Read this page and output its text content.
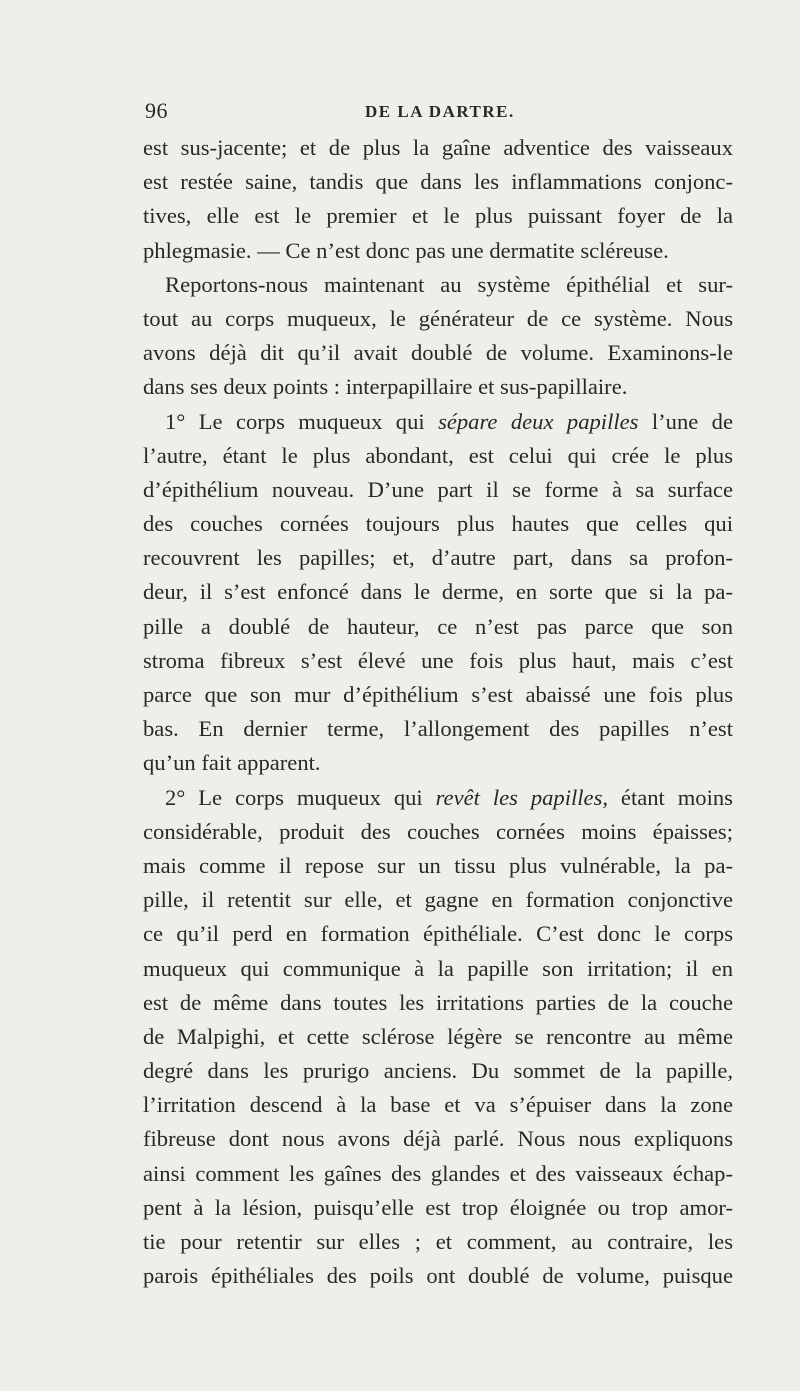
96	DE LA DARTRE.
est sus-jacente; et de plus la gaîne adventice des vaisseaux
est restée saine, tandis que dans les inflammations conjonc-
tives, elle est le premier et le plus puissant foyer de la
phlegmasie. — Ce n’est donc pas une dermatite scléreuse.
Reportons-nous maintenant au système épithélial et sur-
tout au corps muqueux, le générateur de ce système. Nous
avons déjà dit qu’il avait doublé de volume. Examinons-le
dans ses deux points : interpapillaire et sus-papillaire.
1° Le corps muqueux qui sépare deux papilles l’une de
l’autre, étant le plus abondant, est celui qui crée le plus
d’épithélium nouveau. D’une part il se forme à sa surface
des couches cornées toujours plus hautes que celles qui
recouvrent les papilles; et, d’autre part, dans sa profon-
deur, il s’est enfoncé dans le derme, en sorte que si la pa-
pille a doublé de hauteur, ce n’est pas parce que son
stroma fibreux s’est élevé une fois plus haut, mais c’est
parce que son mur d’épithélium s’est abaissé une fois plus
bas. En dernier terme, l’allongement des papilles n’est
qu’un fait apparent.
2° Le corps muqueux qui revêt les papilles, étant moins
considérable, produit des couches cornées moins épaisses;
mais comme il repose sur un tissu plus vulnérable, la pa-
pille, il retentit sur elle, et gagne en formation conjonctive
ce qu’il perd en formation épithéliale. C’est donc le corps
muqueux qui communique à la papille son irritation; il en
est de même dans toutes les irritations parties de la couche
de Malpighi, et cette sclérose légère se rencontre au même
degré dans les prurigo anciens. Du sommet de la papille,
l’irritation descend à la base et va s’épuiser dans la zone
fibreuse dont nous avons déjà parlé. Nous nous expliquons
ainsi comment les gaînes des glandes et des vaisseaux échap-
pent à la lésion, puisqu’elle est trop éloignée ou trop amor-
tie pour retentir sur elles ; et comment, au contraire, les
parois épithéliales des poils ont doublé de volume, puisque
